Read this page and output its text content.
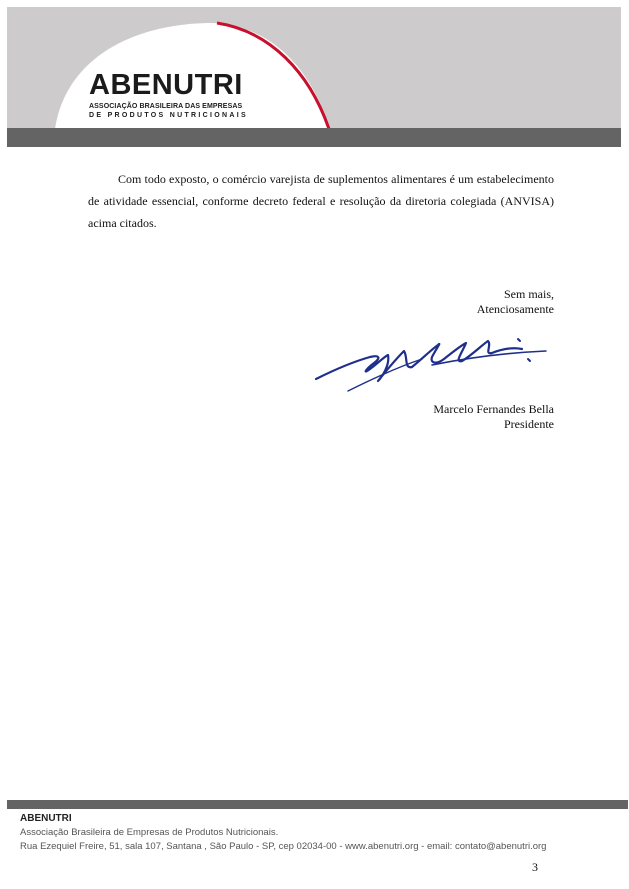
ABENUTRI
ASSOCIAÇÃO BRASILEIRA DAS EMPRESAS
DE PRODUTOS NUTRICIONAIS

Com todo exposto, o comércio varejista de suplementos alimentares é um estabelecimento de atividade essencial, conforme decreto federal e resolução da diretoria colegiada (ANVISA) acima citados.

Sem mais,
Atenciosamente
Marcelo Fernandes Bella
Presidente
ABENUTRI
Associação Brasileira de Empresas de Produtos Nutricionais.
Rua Ezequiel Freire, 51, sala 107, Santana , São Paulo - SP, cep 02034-00 - www.abenutri.org - email: contato@abenutri.org
3
